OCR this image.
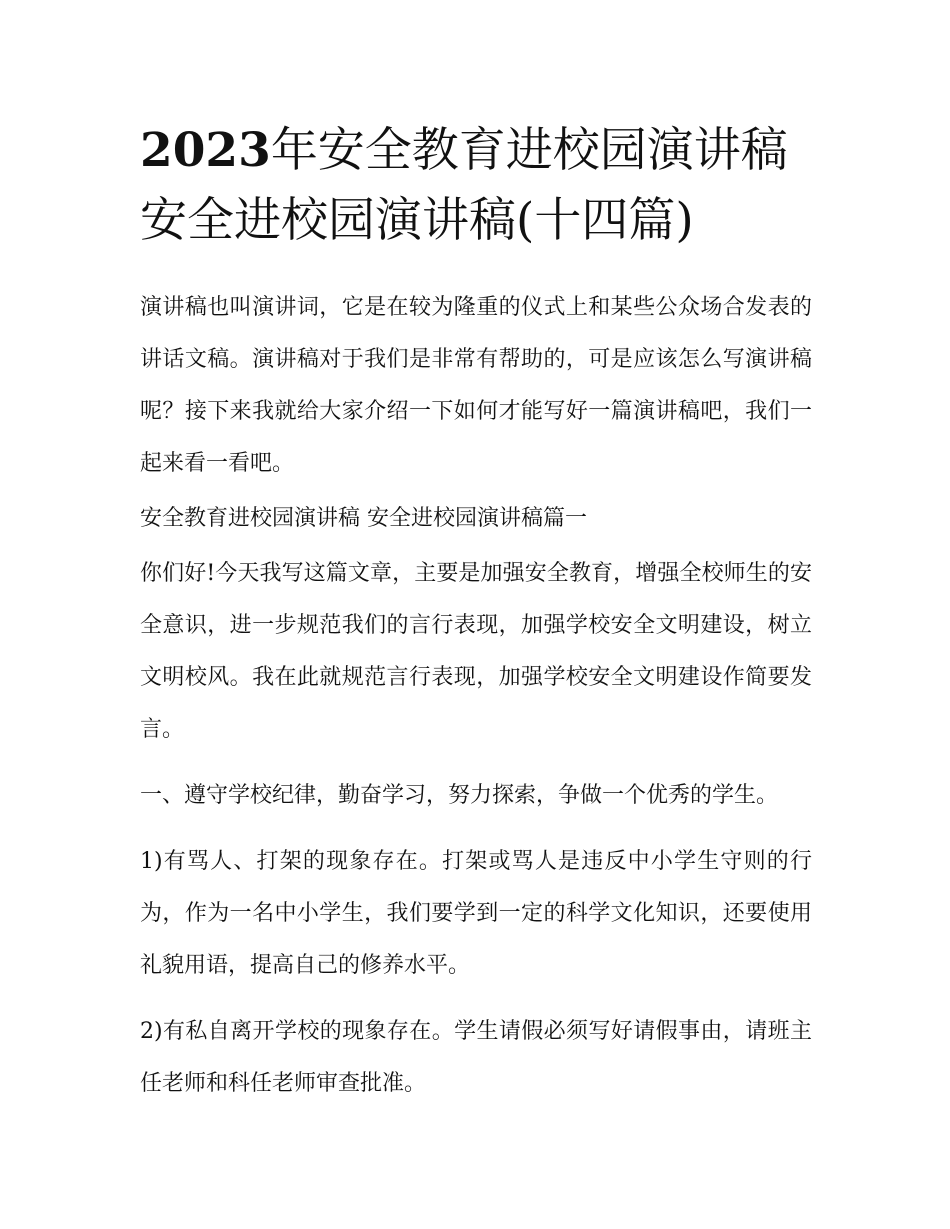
2023年安全教育进校园演讲稿
安全进校园演讲稿(十四篇)

演讲稿也叫演讲词，它是在较为隆重的仪式上和某些公众场合发表的讲话文稿。演讲稿对于我们是非常有帮助的，可是应该怎么写演讲稿呢？接下来我就给大家介绍一下如何才能写好一篇演讲稿吧，我们一起来看一看吧。

安全教育进校园演讲稿 安全进校园演讲稿篇一

你们好!今天我写这篇文章，主要是加强安全教育，增强全校师生的安全意识，进一步规范我们的言行表现，加强学校安全文明建设，树立文明校风。我在此就规范言行表现，加强学校安全文明建设作简要发言。

一、遵守学校纪律，勤奋学习，努力探索，争做一个优秀的学生。

1)有骂人、打架的现象存在。打架或骂人是违反中小学生守则的行为，作为一名中小学生，我们要学到一定的科学文化知识，还要使用礼貌用语，提高自己的修养水平。

2)有私自离开学校的现象存在。学生请假必须写好请假事由，请班主任老师和科任老师审查批准。
